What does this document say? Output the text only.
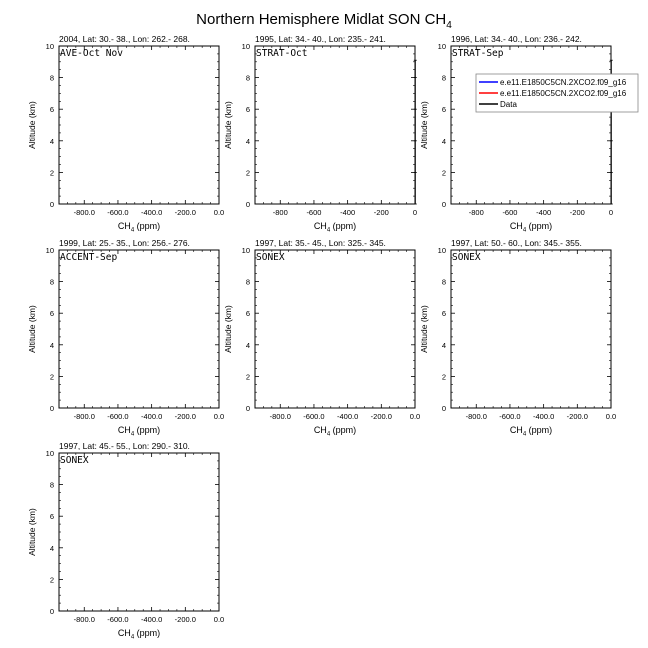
Northern Hemisphere Midlat SON $CH_4$
2004, Lat: 30.- 38., Lon: 262.- 268.
-800.0 -600.0 -400.0 -200.0 0.0
0
2
4
6
8
10
$CH_4$ (ppm)
Altitude (km)
AVE-Oct Nov
1995, Lat: 34.- 40., Lon: 235.- 241.
-800 -600 -400 -200	0
0
2
4
6
8
10
$CH_4$ (ppm)
Altitude (km)
STRAT-Oct
1996, Lat: 34.- 40., Lon: 236.- 242.
-800 -600 -400 -200	0
0
2
4
6
8
10
$CH_4$ (ppm)
Altitude (km)
STRAT-Sep
e.e11.E1850C5CN.2XCO2.f09_g16
e.e11.E1850C5CN.2XCO2.f09_g16
Data
1999, Lat: 25.- 35., Lon: 256.- 276.
-800.0 -600.0 -400.0 -200.0 0.0
0
2
4
6
8
10
$CH_4$ (ppm)
Altitude (km)
ACCENT-Sep
1997, Lat: 35.- 45., Lon: 325.- 345.
-800.0 -600.0 -400.0 -200.0 0.0
0
2
4
6
8
10
$CH_4$ (ppm)
Altitude (km)
SONEX
1997, Lat: 50.- 60., Lon: 345.- 355.
-800.0 -600.0 -400.0 -200.0 0.0
0
2
4
6
8
10
$CH_4$ (ppm)
Altitude (km)
SONEX
1997, Lat: 45.- 55., Lon: 290.- 310.
-800.0 -600.0 -400.0 -200.0 0.0
0
2
4
6
8
10
$CH_4$ (ppm)
Altitude (km)
SONEX
